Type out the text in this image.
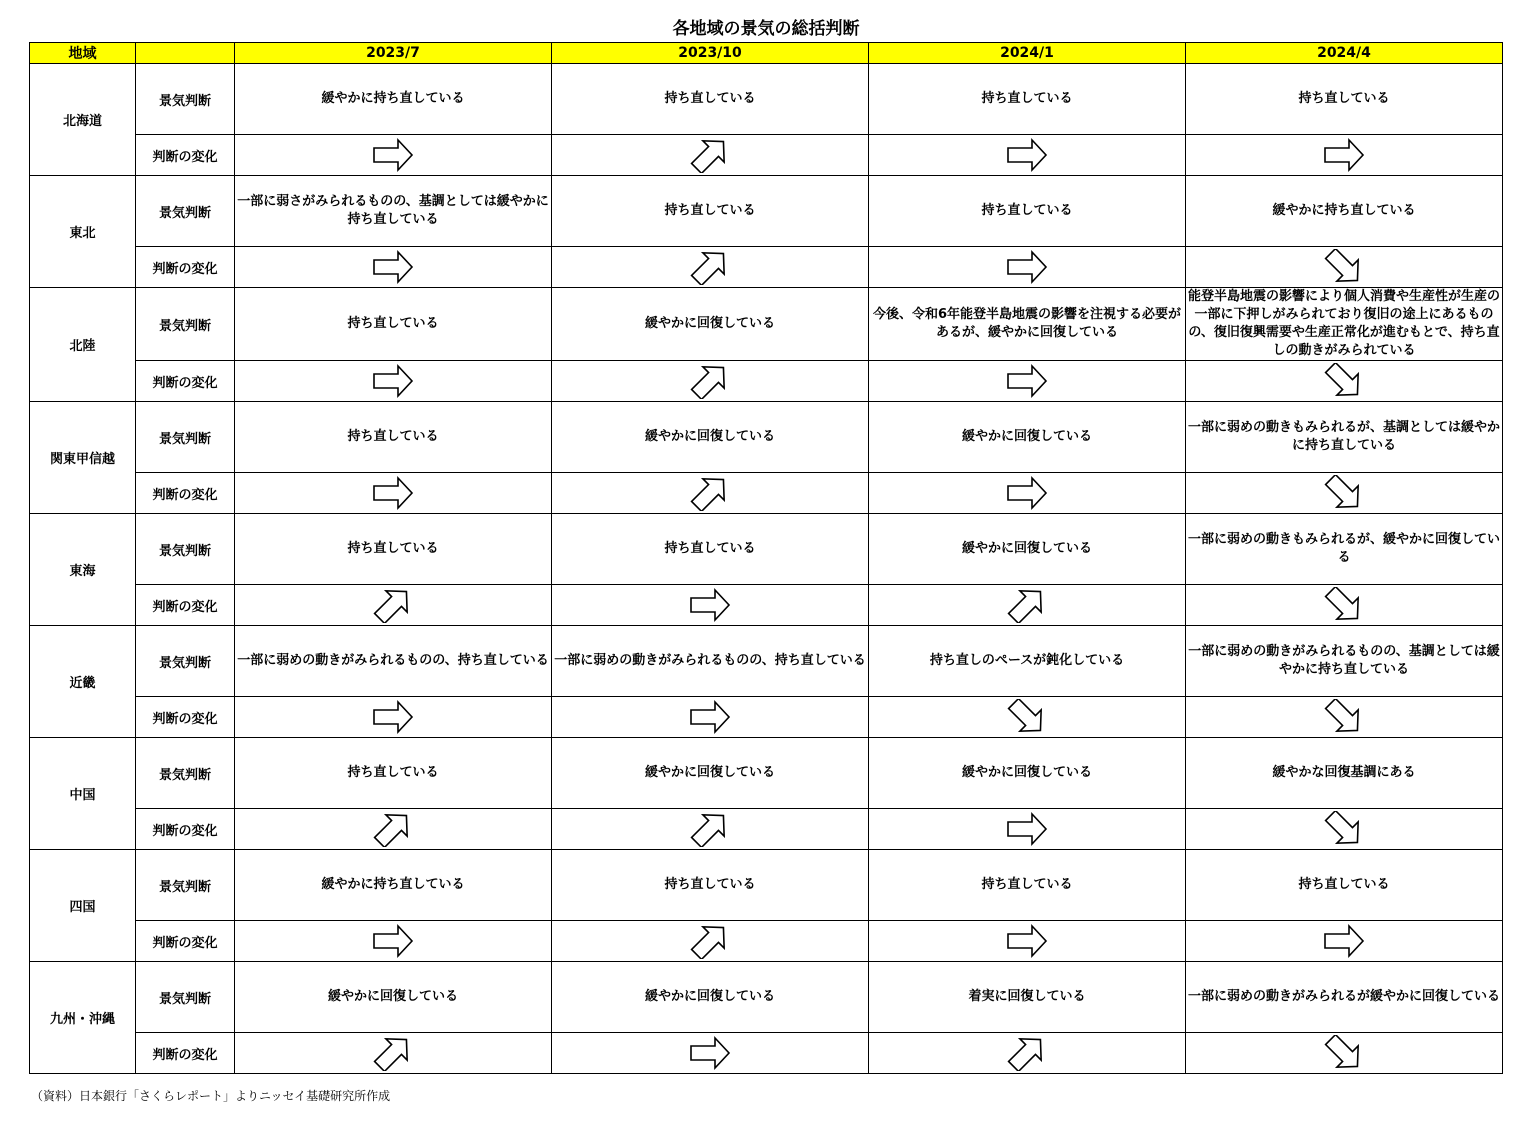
各地域の景気の総括判断
地域		2023/7	2023/10	2024/1	2024/4
北海道	景気判断	緩やかに持ち直している	持ち直している	持ち直している	持ち直している
	判断の変化	

東北	景気判断	一部に弱さがみられるものの、基調としては緩やかに持ち直している	持ち直している	持ち直している	緩やかに持ち直している
	判断の変化	

北陸	景気判断	持ち直している	緩やかに回復している	今後、令和6年能登半島地震の影響を注視する必要があるが、緩やかに回復している	能登半島地震の影響により個人消費や生産性が生産の一部に下押しがみられており復旧の途上にあるものの、復旧復興需要や生産正常化が進むもとで、持ち直しの動きがみられている
	判断の変化	

関東甲信越	景気判断	持ち直している	緩やかに回復している	緩やかに回復している	一部に弱めの動きもみられるが、基調としては緩やかに持ち直している
	判断の変化	

東海	景気判断	持ち直している	持ち直している	緩やかに回復している	一部に弱めの動きもみられるが、緩やかに回復している
	判断の変化	

近畿	景気判断	一部に弱めの動きがみられるものの、持ち直している	一部に弱めの動きがみられるものの、持ち直している	持ち直しのペースが鈍化している	一部に弱めの動きがみられるものの、基調としては緩やかに持ち直している
	判断の変化	

中国	景気判断	持ち直している	緩やかに回復している	緩やかに回復している	緩やかな回復基調にある
	判断の変化	

四国	景気判断	緩やかに持ち直している	持ち直している	持ち直している	持ち直している
	判断の変化	

九州・沖縄	景気判断	緩やかに回復している	緩やかに回復している	着実に回復している	一部に弱めの動きがみられるが緩やかに回復している
	判断の変化	

（資料）日本銀行「さくらレポート」よりニッセイ基礎研究所作成
